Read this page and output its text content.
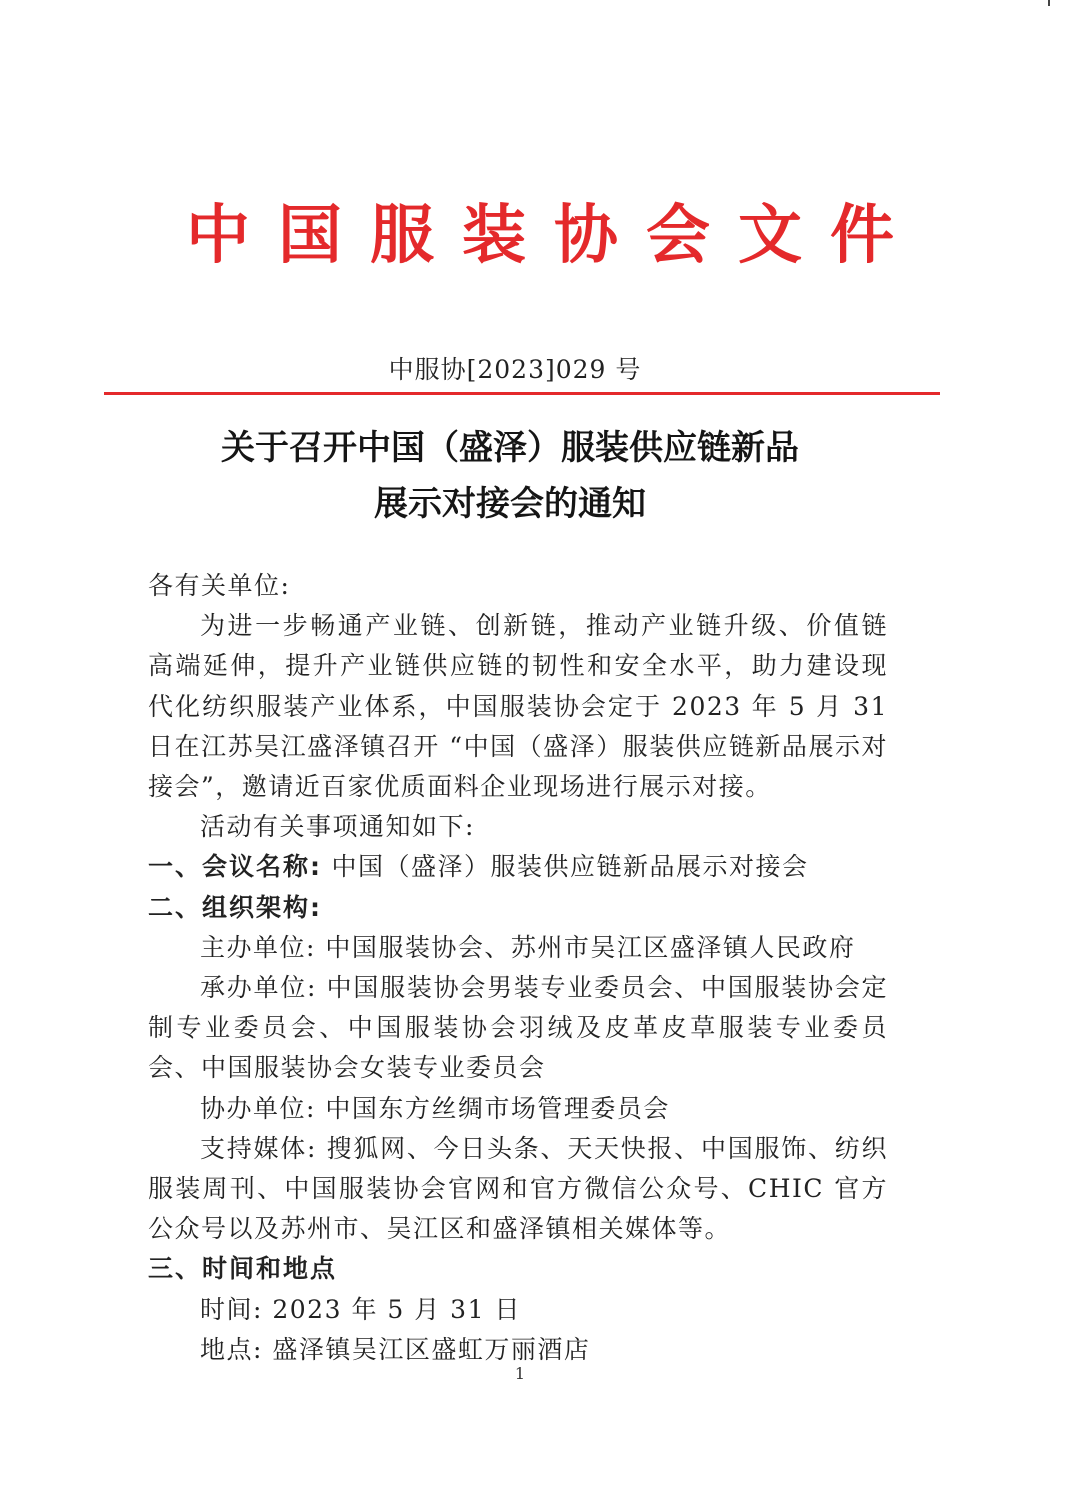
中国服装协会文件
中服协[2023]029 号
关于召开中国（盛泽）服装供应链新品
展示对接会的通知

各有关单位:

为进一步畅通产业链、创新链，推动产业链升级、价值链高端延伸，提升产业链供应链的韧性和安全水平，助力建设现代化纺织服装产业体系，中国服装协会定于 2023 年 5 月 31 日在江苏吴江盛泽镇召开 “中国（盛泽）服装供应链新品展示对接会”，邀请近百家优质面料企业现场进行展示对接。

活动有关事项通知如下:

一、会议名称: 中国（盛泽）服装供应链新品展示对接会

二、组织架构:

主办单位: 中国服装协会、苏州市吴江区盛泽镇人民政府

承办单位: 中国服装协会男装专业委员会、中国服装协会定制专业委员会、中国服装协会羽绒及皮革皮草服装专业委员会、中国服装协会女装专业委员会

协办单位: 中国东方丝绸市场管理委员会

支持媒体: 搜狐网、今日头条、天天快报、中国服饰、纺织服装周刊、中国服装协会官网和官方微信公众号、CHIC 官方公众号以及苏州市、吴江区和盛泽镇相关媒体等。

三、时间和地点

时间: 2023 年 5 月 31 日

地点: 盛泽镇吴江区盛虹万丽酒店

1
